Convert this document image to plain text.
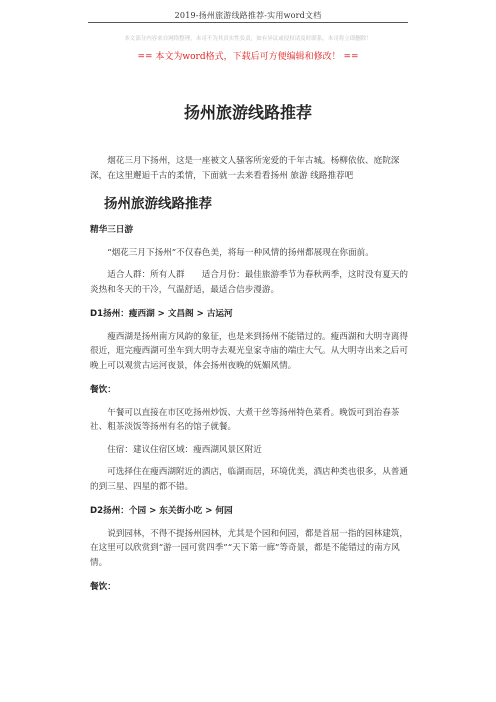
2019-扬州旅游线路推荐-实用word文档
本文部分内容来自网络整理，本司不为其真实性负责，如有异议或侵权请及时联系，本司将立即删除！
== 本文为word格式，下载后可方便编辑和修改！ ==
扬州旅游线路推荐

烟花三月下扬州，这是一座被文人骚客所宠爱的千年古城。杨柳依依、庭院深深，在这里邂逅千古的柔情，下面就一去来看看扬州 旅游 线路推荐吧

扬州旅游线路推荐

精华三日游

“烟花三月下扬州”不仅春色美，将每一种风情的扬州都展现在你面前。

适合人群：所有人群　　适合月份：最佳旅游季节为春秋两季，这时没有夏天的炎热和冬天的干冷，气温舒适，最适合信步漫游。

D1扬州：瘦西湖 > 文昌阁 > 古运河

瘦西湖是扬州南方风韵的象征，也是来到扬州不能错过的。瘦西湖和大明寺离得很近，逛完瘦西湖可坐车到大明寺去观光皇家寺庙的端庄大气。从大明寺出来之后可晚上可以观赏古运河夜景，体会扬州夜晚的妩媚风情。

餐饮：

午餐可以直接在市区吃扬州炒饭、大煮干丝等扬州特色菜肴。晚饭可到治春茶社、粗茶淡饭等扬州有名的馆子就餐。

住宿：建议住宿区域：瘦西湖风景区附近

可选择住在瘦西湖附近的酒店，临湖而居，环境优美，酒店种类也很多，从普通的到三星、四星的都不错。

D2扬州：个园 > 东关街小吃 > 何园

说到园林，不得不提扬州园林，尤其是个园和何园，都是首屈一指的园林建筑，在这里可以欣赏到“游一园可赏四季”“天下第一廊”等奇景，都是不能错过的南方风情。

餐饮：
